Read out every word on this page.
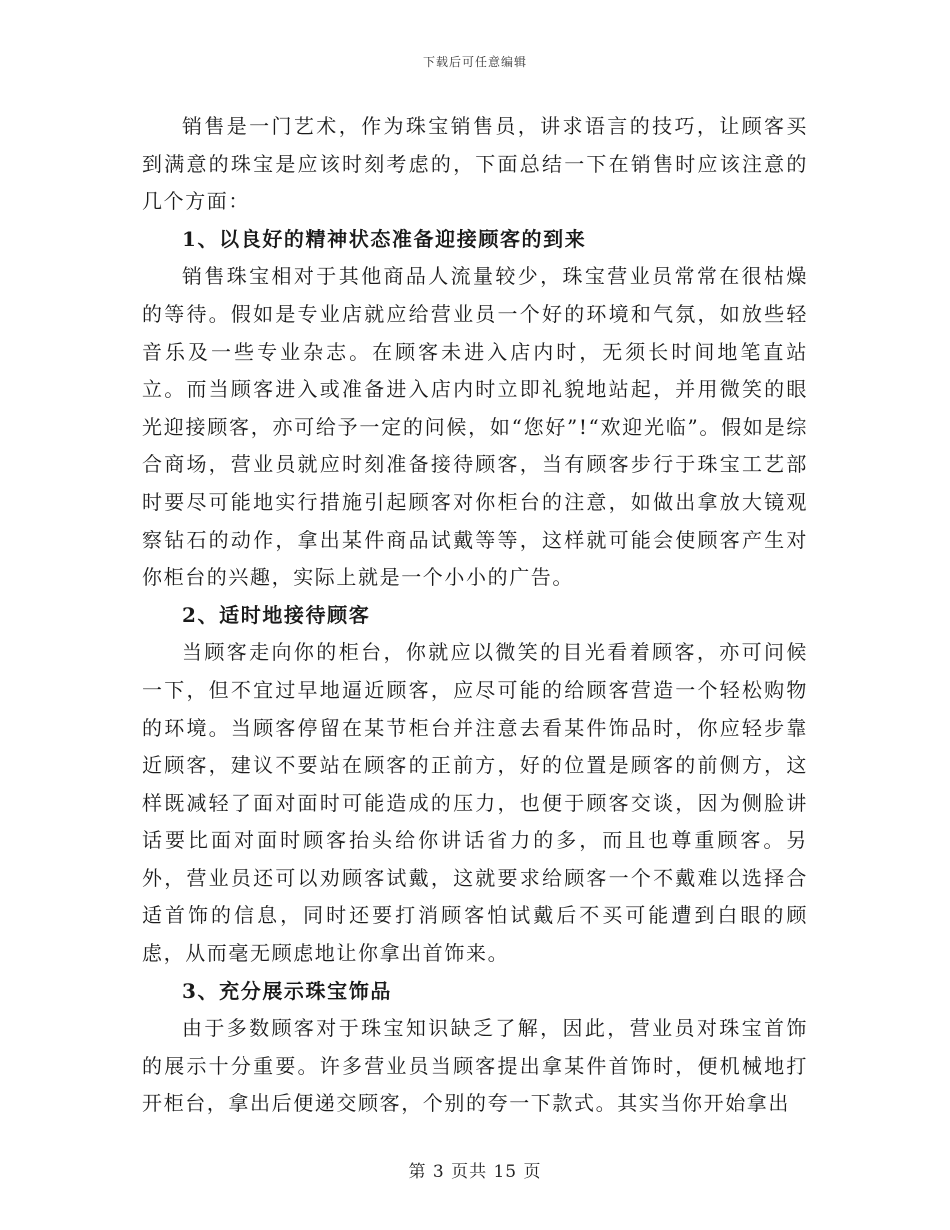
下载后可任意编辑

销售是一门艺术，作为珠宝销售员，讲求语言的技巧，让顾客买到满意的珠宝是应该时刻考虑的，下面总结一下在销售时应该注意的几个方面：

1、以良好的精神状态准备迎接顾客的到来

销售珠宝相对于其他商品人流量较少，珠宝营业员常常在很枯燥的等待。假如是专业店就应给营业员一个好的环境和气氛，如放些轻音乐及一些专业杂志。在顾客未进入店内时，无须长时间地笔直站立。而当顾客进入或准备进入店内时立即礼貌地站起，并用微笑的眼光迎接顾客，亦可给予一定的问候，如“您好”!“欢迎光临”。假如是综合商场，营业员就应时刻准备接待顾客，当有顾客步行于珠宝工艺部时要尽可能地实行措施引起顾客对你柜台的注意，如做出拿放大镜观察钻石的动作，拿出某件商品试戴等等，这样就可能会使顾客产生对你柜台的兴趣，实际上就是一个小小的广告。

2、适时地接待顾客

当顾客走向你的柜台，你就应以微笑的目光看着顾客，亦可问候一下，但不宜过早地逼近顾客，应尽可能的给顾客营造一个轻松购物的环境。当顾客停留在某节柜台并注意去看某件饰品时，你应轻步靠近顾客，建议不要站在顾客的正前方，好的位置是顾客的前侧方，这样既减轻了面对面时可能造成的压力，也便于顾客交谈，因为侧脸讲话要比面对面时顾客抬头给你讲话省力的多，而且也尊重顾客。另外，营业员还可以劝顾客试戴，这就要求给顾客一个不戴难以选择合适首饰的信息，同时还要打消顾客怕试戴后不买可能遭到白眼的顾虑，从而毫无顾虑地让你拿出首饰来。

3、充分展示珠宝饰品

由于多数顾客对于珠宝知识缺乏了解，因此，营业员对珠宝首饰的展示十分重要。许多营业员当顾客提出拿某件首饰时，便机械地打开柜台，拿出后便递交顾客，个别的夸一下款式。其实当你开始拿出

第 3 页共 15 页
